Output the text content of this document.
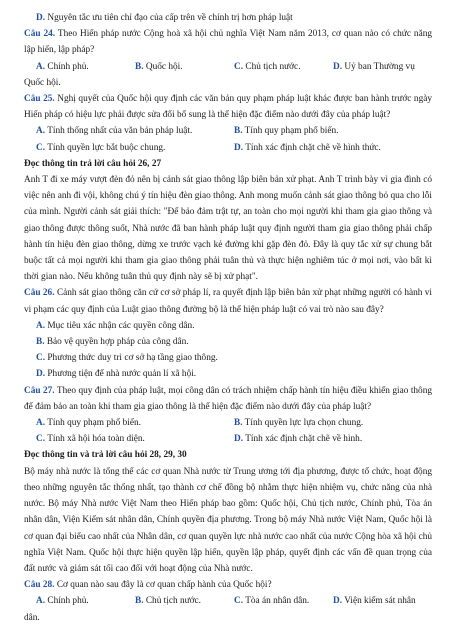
D. Nguyên tắc ưu tiên chỉ đạo của cấp trên về chính trị hơn pháp luật
Câu 24. Theo Hiến pháp nước Cộng hoà xã hội chủ nghĩa Việt Nam năm 2013, cơ quan nào có chức năng lập hiến, lập pháp?
A. Chính phủ.	B. Quốc hội.	C. Chủ tịch nước.	D. Uỷ ban Thường vụ
Quốc hội.
Câu 25. Nghị quyết của Quốc hội quy định các văn bản quy phạm pháp luật khác được ban hành trước ngày Hiến pháp có hiệu lực phải được sửa đổi bổ sung là thể hiện đặc điểm nào dưới đây của pháp luật?
A. Tính thống nhất của văn bản pháp luật.	B. Tính quy phạm phổ biến.
C. Tính quyền lực bắt buộc chung.	D. Tính xác định chặt chẽ về hình thức.
Đọc thông tin trả lời câu hỏi 26, 27
Anh T đi xe máy vượt đèn đỏ nên bị cảnh sát giao thông lập biên bản xử phạt. Anh T trình bày vì gia đình có việc nên anh đi vội, không chú ý tín hiệu đèn giao thông. Anh mong muốn cảnh sát giao thông bỏ qua cho lỗi của mình. Người cảnh sát giải thích: "Để bảo đảm trật tự, an toàn cho mọi người khi tham gia giao thông và giao thông được thông suốt, Nhà nước đã ban hành pháp luật quy định người tham gia giao thông phải chấp hành tín hiệu đèn giao thông, dừng xe trước vạch kẻ đường khi gặp đèn đỏ. Đây là quy tắc xử sự chung bắt buộc tất cả mọi người khi tham gia giao thông phải tuân thủ và thực hiện nghiêm túc ở mọi nơi, vào bất kì thời gian nào. Nếu không tuân thủ quy định này sẽ bị xử phạt".
Câu 26. Cảnh sát giao thông căn cứ cơ sở pháp lí, ra quyết định lập biên bản xử phạt những người có hành vi vi phạm các quy định của Luật giao thông đường bộ là thể hiện pháp luật có vai trò nào sau đây?
A. Mục tiêu xác nhận các quyền công dân.
B. Bảo vệ quyền hợp pháp của công dân.
C. Phương thức duy trì cơ sở hạ tầng giao thông.
D. Phương tiện để nhà nước quản lí xã hội.
Câu 27. Theo quy định của pháp luật, mọi công dân có trách nhiệm chấp hành tín hiệu điều khiển giao thông để đảm bảo an toàn khi tham gia giao thông là thể hiện đặc điểm nào dưới đây của pháp luật?
A. Tính quy phạm phổ biến.	B. Tính quyền lực lựa chọn chung.
C. Tính xã hội hóa toàn diện.	D. Tính xác định chặt chẽ về hình.
Đọc thông tin và trả lời câu hỏi 28, 29, 30
Bộ máy nhà nước là tổng thể các cơ quan Nhà nước từ Trung ương tới địa phương, được tổ chức, hoạt động theo những nguyên tắc thống nhất, tạo thành cơ chế đồng bộ nhằm thực hiện nhiệm vụ, chức năng của nhà nước. Bộ máy Nhà nước Việt Nam theo Hiến pháp bao gồm: Quốc hội, Chủ tịch nước, Chính phủ, Tòa án nhân dân, Viện Kiểm sát nhân dân, Chính quyền địa phương. Trong bộ máy Nhà nước Việt Nam, Quốc hội là cơ quan đại biểu cao nhất của Nhân dân, cơ quan quyền lực nhà nước cao nhất của nước Cộng hòa xã hội chủ nghĩa Việt Nam. Quốc hội thực hiện quyền lập hiến, quyền lập pháp, quyết định các vấn đề quan trọng của đất nước và giám sát tối cao đối với hoạt động của Nhà nước.
Câu 28. Cơ quan nào sau đây là cơ quan chấp hành của Quốc hội?
A. Chính phủ.	B. Chủ tịch nước.	C. Tòa án nhân dân.	D. Viện kiểm sát nhân
dân.
